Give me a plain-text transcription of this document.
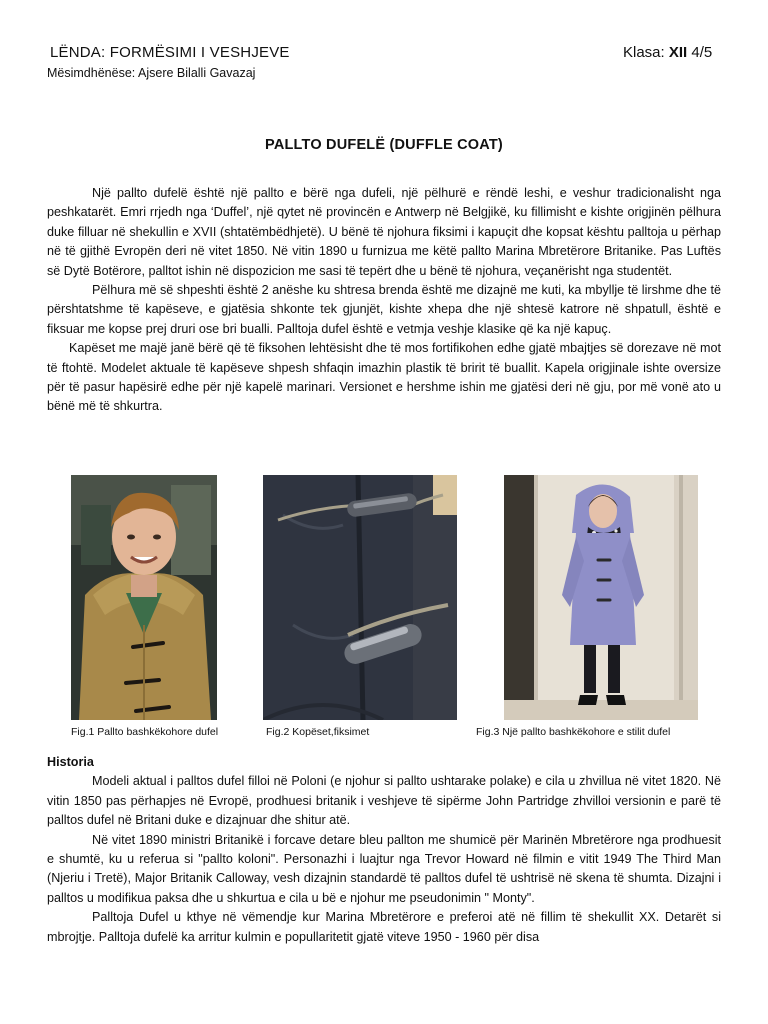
LËNDA: FORMËSIMI I VESHJEVE	Klasa: XII 4/5
Mësimdhënëse: Ajsere Bilalli Gavazaj
PALLTO DUFELË (DUFFLE COAT)

Një pallto dufelë është një pallto e bërë nga dufeli, një pëlhurë e rëndë leshi, e veshur tradicionalisht nga peshkatarët. Emri rrjedh nga ‘Duffel’, një qytet në provincën e Antwerp në Belgjikë, ku fillimisht e kishte origjinën pëlhura duke filluar në shekullin e XVII (shtatëmbëdhjetë). U bënë të njohura fiksimi i kapuçit dhe kopsat kështu palltoja u përhap në të gjithë Evropën deri në vitet 1850. Në vitin 1890 u furnizua me këtë pallto Marina Mbretërore Britanike. Pas Luftës së Dytë Botërore, palltot ishin në dispozicion me sasi të tepërt dhe u bënë të njohura, veçanërisht nga studentët.

Pëlhura më së shpeshti është 2 anëshe ku shtresa brenda është me dizajnë me kuti, ka mbyllje të lirshme dhe të përshtatshme të kapëseve, e gjatësia shkonte tek gjunjët, kishte xhepa dhe një shtesë katrore në shpatull, është e fiksuar me kopse prej druri ose bri bualli. Palltoja dufel është e vetmja veshje klasike që ka një kapuç.

Kapëset me majë janë bërë që të fiksohen lehtësisht dhe të mos fortifikohen edhe gjatë mbajtjes së dorezave në mot të ftohtë. Modelet aktuale të kapëseve shpesh shfaqin imazhin plastik të bririt të buallit. Kapela origjinale ishte oversize për të pasur hapësirë edhe për një kapelë marinari. Versionet e hershme ishin me gjatësi deri në gju, por më vonë ato u bënë më të shkurtra.

Fig.1 Pallto bashkëkohore dufel	Fig.2 Kopëset,fiksimet	Fig.3 Një pallto bashkëkohore e stilit dufel
Historia

Modeli aktual i palltos dufel filloi në Poloni (e njohur si pallto ushtarake polake) e cila u zhvillua në vitet 1820. Në vitin 1850 pas përhapjes në Evropë, prodhuesi britanik i veshjeve të sipërme John Partridge zhvilloi versionin e parë të palltos dufel në Britani duke e dizajnuar dhe shitur atë.

Në vitet 1890 ministri Britanikë i forcave detare bleu pallton me shumicë për Marinën Mbretërore nga prodhuesit e shumtë, ku u referua si "pallto koloni". Personazhi i luajtur nga Trevor Howard në filmin e vitit 1949 The Third Man (Njeriu i Tretë), Major Britanik Calloway, vesh dizajnin standardë të palltos dufel të ushtrisë në skena të shumta. Dizajni i palltos u modifikua paksa dhe u shkurtua e cila u bë e njohur me pseudonimin " Monty".

Palltoja Dufel u kthye në vëmendje kur Marina Mbretërore e preferoi atë në fillim të shekullit XX. Detarët si mbrojtje. Palltoja dufelë ka arritur kulmin e popullaritetit gjatë viteve 1950 - 1960 për disa
